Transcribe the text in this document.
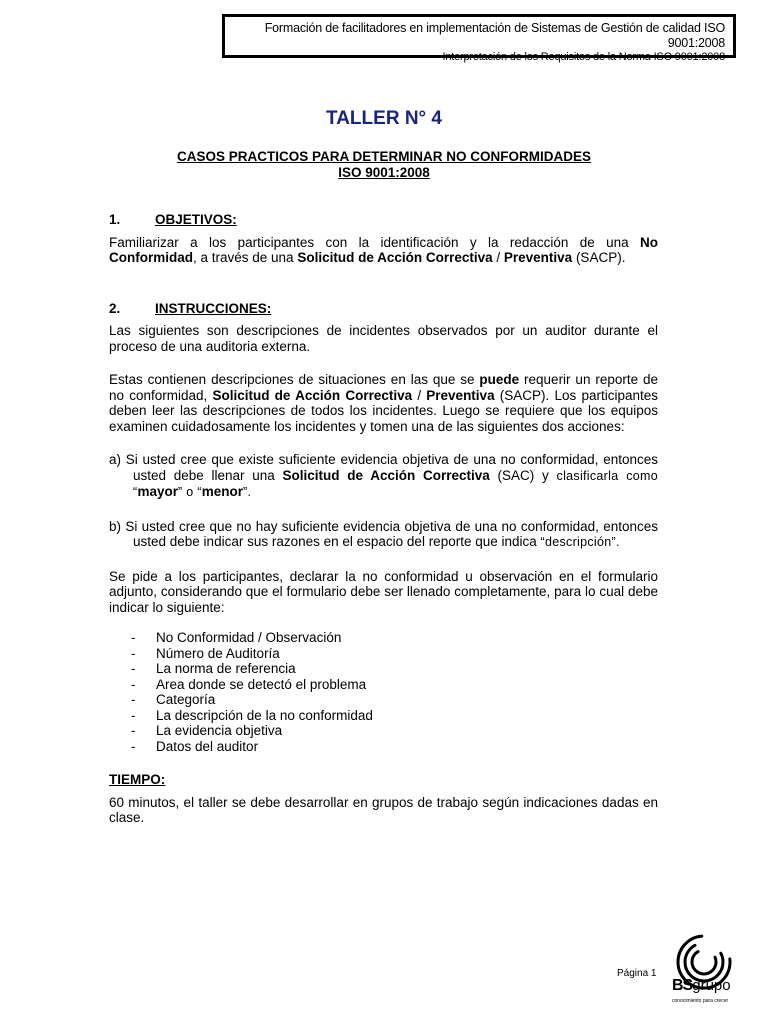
Formación de facilitadores en implementación de Sistemas de Gestión de calidad ISO 9001:2008
Interpretación de los Requisitos de la Norma ISO 9001:2008
TALLER N° 4
CASOS PRACTICOS PARA DETERMINAR NO CONFORMIDADES
ISO 9001:2008
1.	OBJETIVOS:

Familiarizar a los participantes con la identificación y la redacción de una No Conformidad, a través de una Solicitud de Acción Correctiva / Preventiva (SACP).

2.	INSTRUCCIONES:

Las siguientes son descripciones de incidentes observados por un auditor durante el proceso de una auditoria externa.

Estas contienen descripciones de situaciones en las que se puede requerir un reporte de no conformidad, Solicitud de Acción Correctiva / Preventiva (SACP). Los participantes deben leer las descripciones de todos los incidentes. Luego se requiere que los equipos examinen cuidadosamente los incidentes y tomen una de las siguientes dos acciones:

a) Si usted cree que existe suficiente evidencia objetiva de una no conformidad, entonces usted debe llenar una Solicitud de Acción Correctiva (SAC) y clasificarla como “mayor” o “menor”.

b) Si usted cree que no hay suficiente evidencia objetiva de una no conformidad, entonces usted debe indicar sus razones en el espacio del reporte que indica “descripción”.

Se pide a los participantes, declarar la no conformidad u observación en el formulario adjunto, considerando que el formulario debe ser llenado completamente, para lo cual debe indicar lo siguiente:

-	No Conformidad / Observación
-	Número de Auditoría
-	La norma de referencia
-	Area donde se detectó el problema
-	Categoría
-	La descripción de la no conformidad
-	La evidencia objetiva
-	Datos del auditor
TIEMPO:

60 minutos, el taller se debe desarrollar en grupos de trabajo según indicaciones dadas en clase.

Página 1
BSgrupo
conocimiento para crecer
